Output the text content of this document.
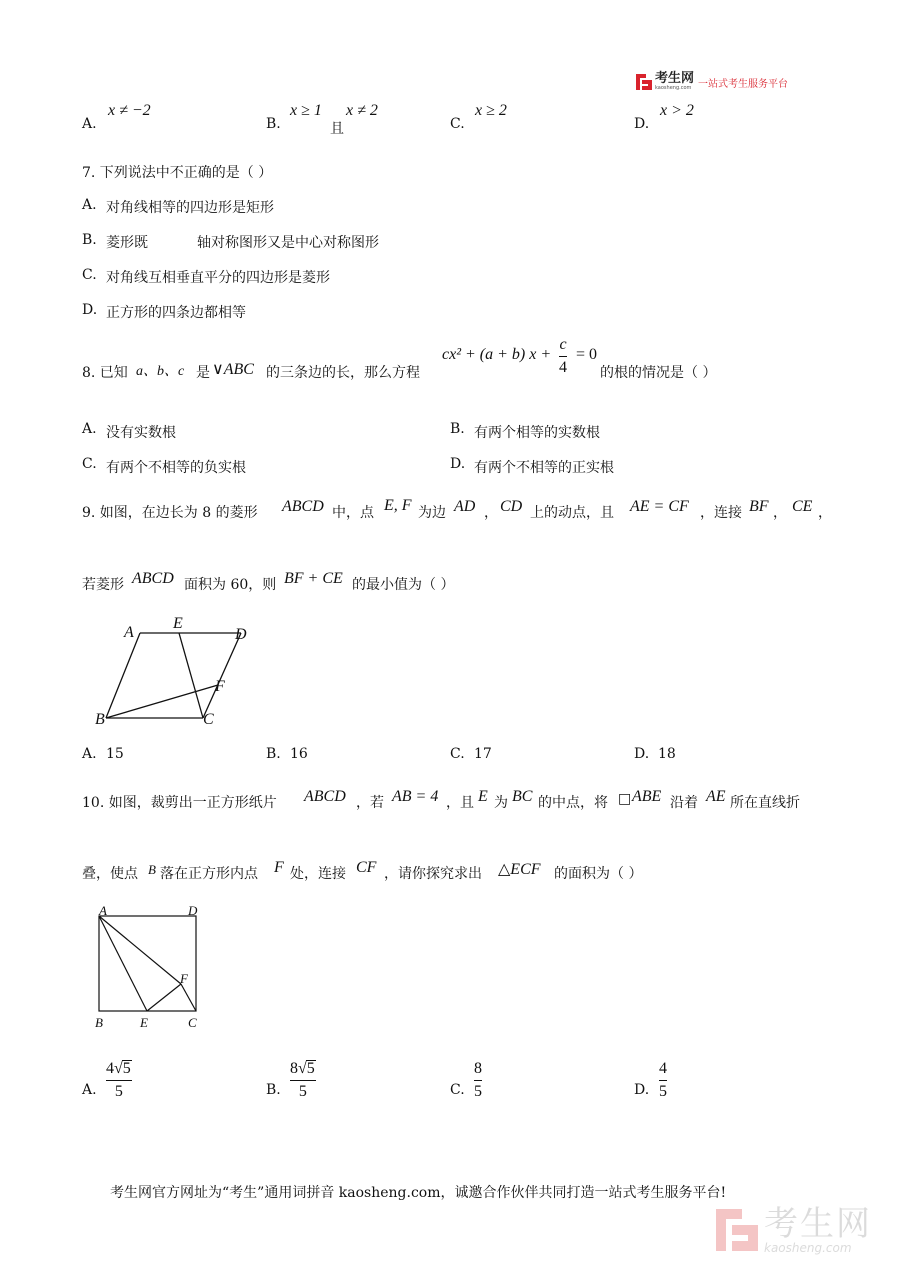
考生网
kaosheng.com 一站式考生服务平台
A.
x ≠ −2
B.
x ≥ 1
且
x ≠ 2
C.
x ≥ 2
D.
x > 2
7. 下列说法中不正确的是（ ）
A. 对角线相等的四边形是矩形
B. 菱形既           轴对称图形又是中心对称图形
C. 对角线互相垂直平分的四边形是菱形
D. 正方形的四条边都相等
8. 已知 a、b、c 是 ∨ABC 的三条边的长，那么方程
cx² + (a + b) x +
c
4
= 0
的根的情况是（ ）
A. 没有实数根	B. 有两个相等的实数根
C. 有两个不相等的负实根	D. 有两个不相等的正实根
9. 如图，在边长为 8 的菱形 ABCD 中，点 E, F 为边 AD ， CD 上的动点，且 AE = CF ，连接 BF ， CE ，
若菱形 ABCD 面积为 60，则 BF + CE 的最小值为（ ）
A
E
D
F
B	C
A. 15	B. 16	C. 17	D. 18
10. 如图，裁剪出一正方形纸片 ABCD ，若 AB = 4 ，且 E 为 BC 的中点，将 □ ABE 沿着 AE 所在直线折
叠，使点 B 落在正方形内点 F 处，连接 CF ，请你探究求出 △ECF 的面积为（ ）
A	D
F
B	E	C
A.
4√5
5	B.
8√5
5	C.
8
5	D.
4
5
考生网官方网址为“考生”通用词拼音 kaosheng.com，诚邀合作伙伴共同打造一站式考生服务平台!
考生网
kaosheng.com
